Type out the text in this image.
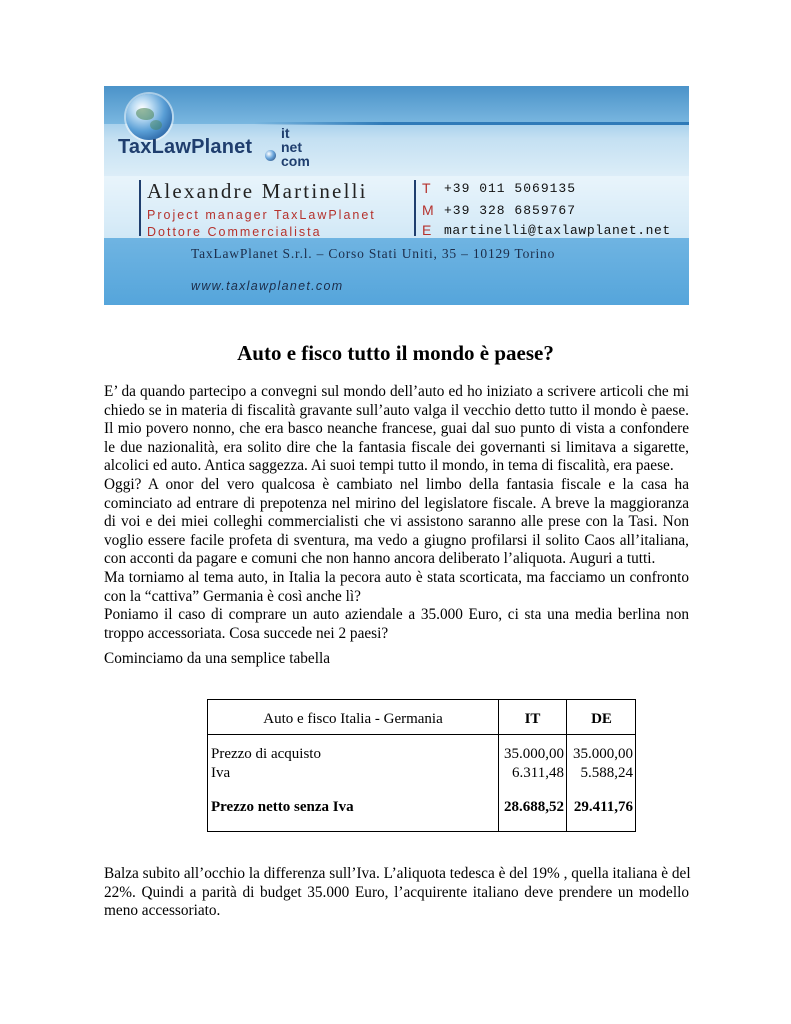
TaxLawPlanet
it
net
com
Alexandre Martinelli
Project manager TaxLawPlanet
Dottore Commercialista
T +39 011 5069135
M +39 328 6859767
E martinelli@taxlawplanet.net
TaxLawPlanet S.r.l. – Corso Stati Uniti, 35 – 10129 Torino
www.taxlawplanet.com
Auto e fisco tutto il mondo è paese?
E’ da quando partecipo a convegni sul mondo dell’auto ed ho iniziato a scrivere articoli che mi
chiedo se in materia di fiscalità gravante sull’auto valga il vecchio detto tutto il mondo è paese.
Il mio povero nonno, che era basco neanche francese, guai dal suo punto di vista a confondere
le due nazionalità, era solito dire che la fantasia fiscale dei governanti si limitava a sigarette,
alcolici ed auto. Antica saggezza. Ai suoi tempi tutto il mondo, in tema di fiscalità, era paese.
Oggi? A onor del vero qualcosa è cambiato nel limbo della fantasia fiscale e la casa ha
cominciato ad entrare di prepotenza nel mirino del legislatore fiscale. A breve la maggioranza
di voi e dei miei colleghi commercialisti che vi assistono saranno alle prese con la Tasi. Non
voglio essere facile profeta di sventura, ma vedo a giugno profilarsi il solito Caos all’italiana,
con acconti da pagare e comuni che non hanno ancora deliberato l’aliquota. Auguri a tutti.
Ma torniamo al tema auto, in Italia la pecora auto è stata scorticata, ma facciamo un confronto
con la “cattiva” Germania è così anche lì?
Poniamo il caso di comprare un auto aziendale a 35.000 Euro, ci sta una media berlina non
troppo accessoriata. Cosa succede nei 2 paesi?

Cominciamo da una semplice tabella

Auto e fisco Italia - Germania	IT	DE
Prezzo di acquisto	35.000,00 35.000,00
Iva	6.311,48	5.588,24
Prezzo netto senza Iva	28.688,52 29.411,76
Balza subito all’occhio la differenza sull’Iva. L’aliquota tedesca è del 19% , quella italiana è del
22%. Quindi a parità di budget 35.000 Euro, l’acquirente italiano deve prendere un modello
meno accessoriato.
